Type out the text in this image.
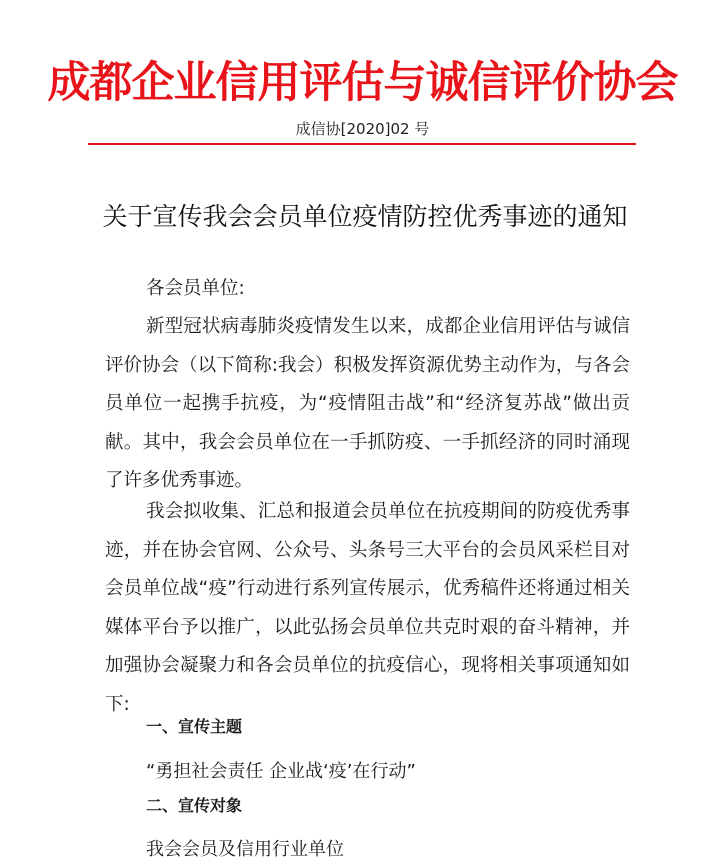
成都企业信用评估与诚信评价协会
成信协[2020]02 号
关于宣传我会会员单位疫情防控优秀事迹的通知
各会员单位:

新型冠状病毒肺炎疫情发生以来，成都企业信用评估与诚信评价协会（以下简称:我会）积极发挥资源优势主动作为，与各会员单位一起携手抗疫，为“疫情阻击战”和“经济复苏战”做出贡献。其中，我会会员单位在一手抓防疫、一手抓经济的同时涌现了许多优秀事迹。

我会拟收集、汇总和报道会员单位在抗疫期间的防疫优秀事迹，并在协会官网、公众号、头条号三大平台的会员风采栏目对会员单位战“疫”行动进行系列宣传展示，优秀稿件还将通过相关媒体平台予以推广，以此弘扬会员单位共克时艰的奋斗精神，并加强协会凝聚力和各会员单位的抗疫信心，现将相关事项通知如下:

一、宣传主题
“勇担社会责任 企业战‘疫’在行动”
二、宣传对象
我会会员及信用行业单位
